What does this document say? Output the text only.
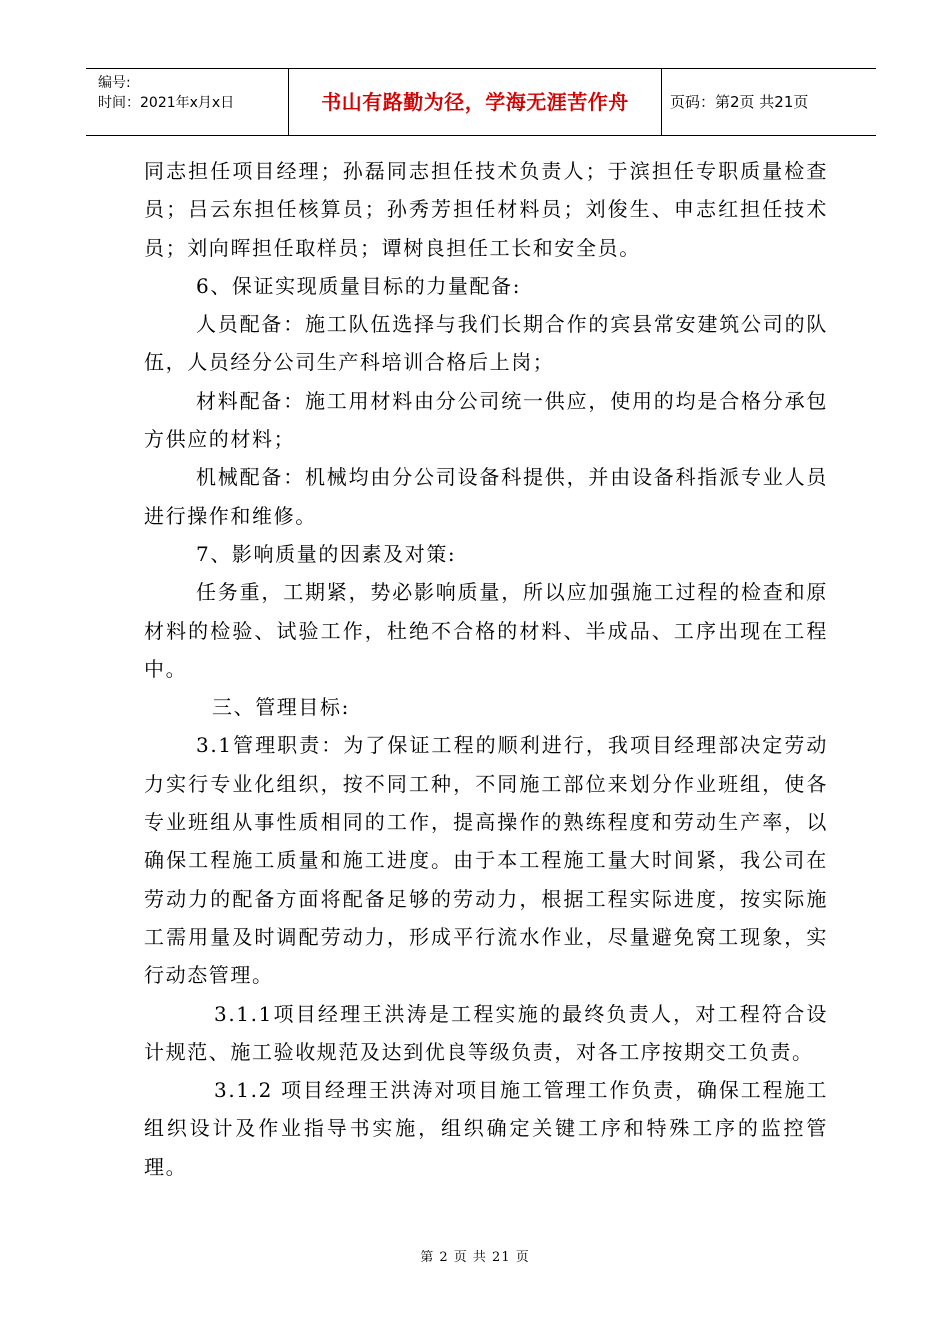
编号:
时间：2021年x月x日	书山有路勤为径，学海无涯苦作舟	页码：第2页 共21页

同志担任项目经理；孙磊同志担任技术负责人；于滨担任专职质量检查员；吕云东担任核算员；孙秀芳担任材料员；刘俊生、申志红担任技术员；刘向晖担任取样员；谭树良担任工长和安全员。

6、保证实现质量目标的力量配备:

人员配备：施工队伍选择与我们长期合作的宾县常安建筑公司的队伍，人员经分公司生产科培训合格后上岗；

材料配备：施工用材料由分公司统一供应，使用的均是合格分承包方供应的材料；

机械配备：机械均由分公司设备科提供，并由设备科指派专业人员进行操作和维修。

7、影响质量的因素及对策:

任务重，工期紧，势必影响质量，所以应加强施工过程的检查和原材料的检验、试验工作，杜绝不合格的材料、半成品、工序出现在工程中。

三、管理目标:

3.1管理职责：为了保证工程的顺利进行，我项目经理部决定劳动力实行专业化组织，按不同工种，不同施工部位来划分作业班组，使各专业班组从事性质相同的工作，提高操作的熟练程度和劳动生产率，以确保工程施工质量和施工进度。由于本工程施工量大时间紧，我公司在劳动力的配备方面将配备足够的劳动力，根据工程实际进度，按实际施工需用量及时调配劳动力，形成平行流水作业，尽量避免窝工现象，实行动态管理。

3.1.1项目经理王洪涛是工程实施的最终负责人，对工程符合设计规范、施工验收规范及达到优良等级负责，对各工序按期交工负责。

3.1.2 项目经理王洪涛对项目施工管理工作负责，确保工程施工组织设计及作业指导书实施，组织确定关键工序和特殊工序的监控管理。

第 2 页 共 21 页
